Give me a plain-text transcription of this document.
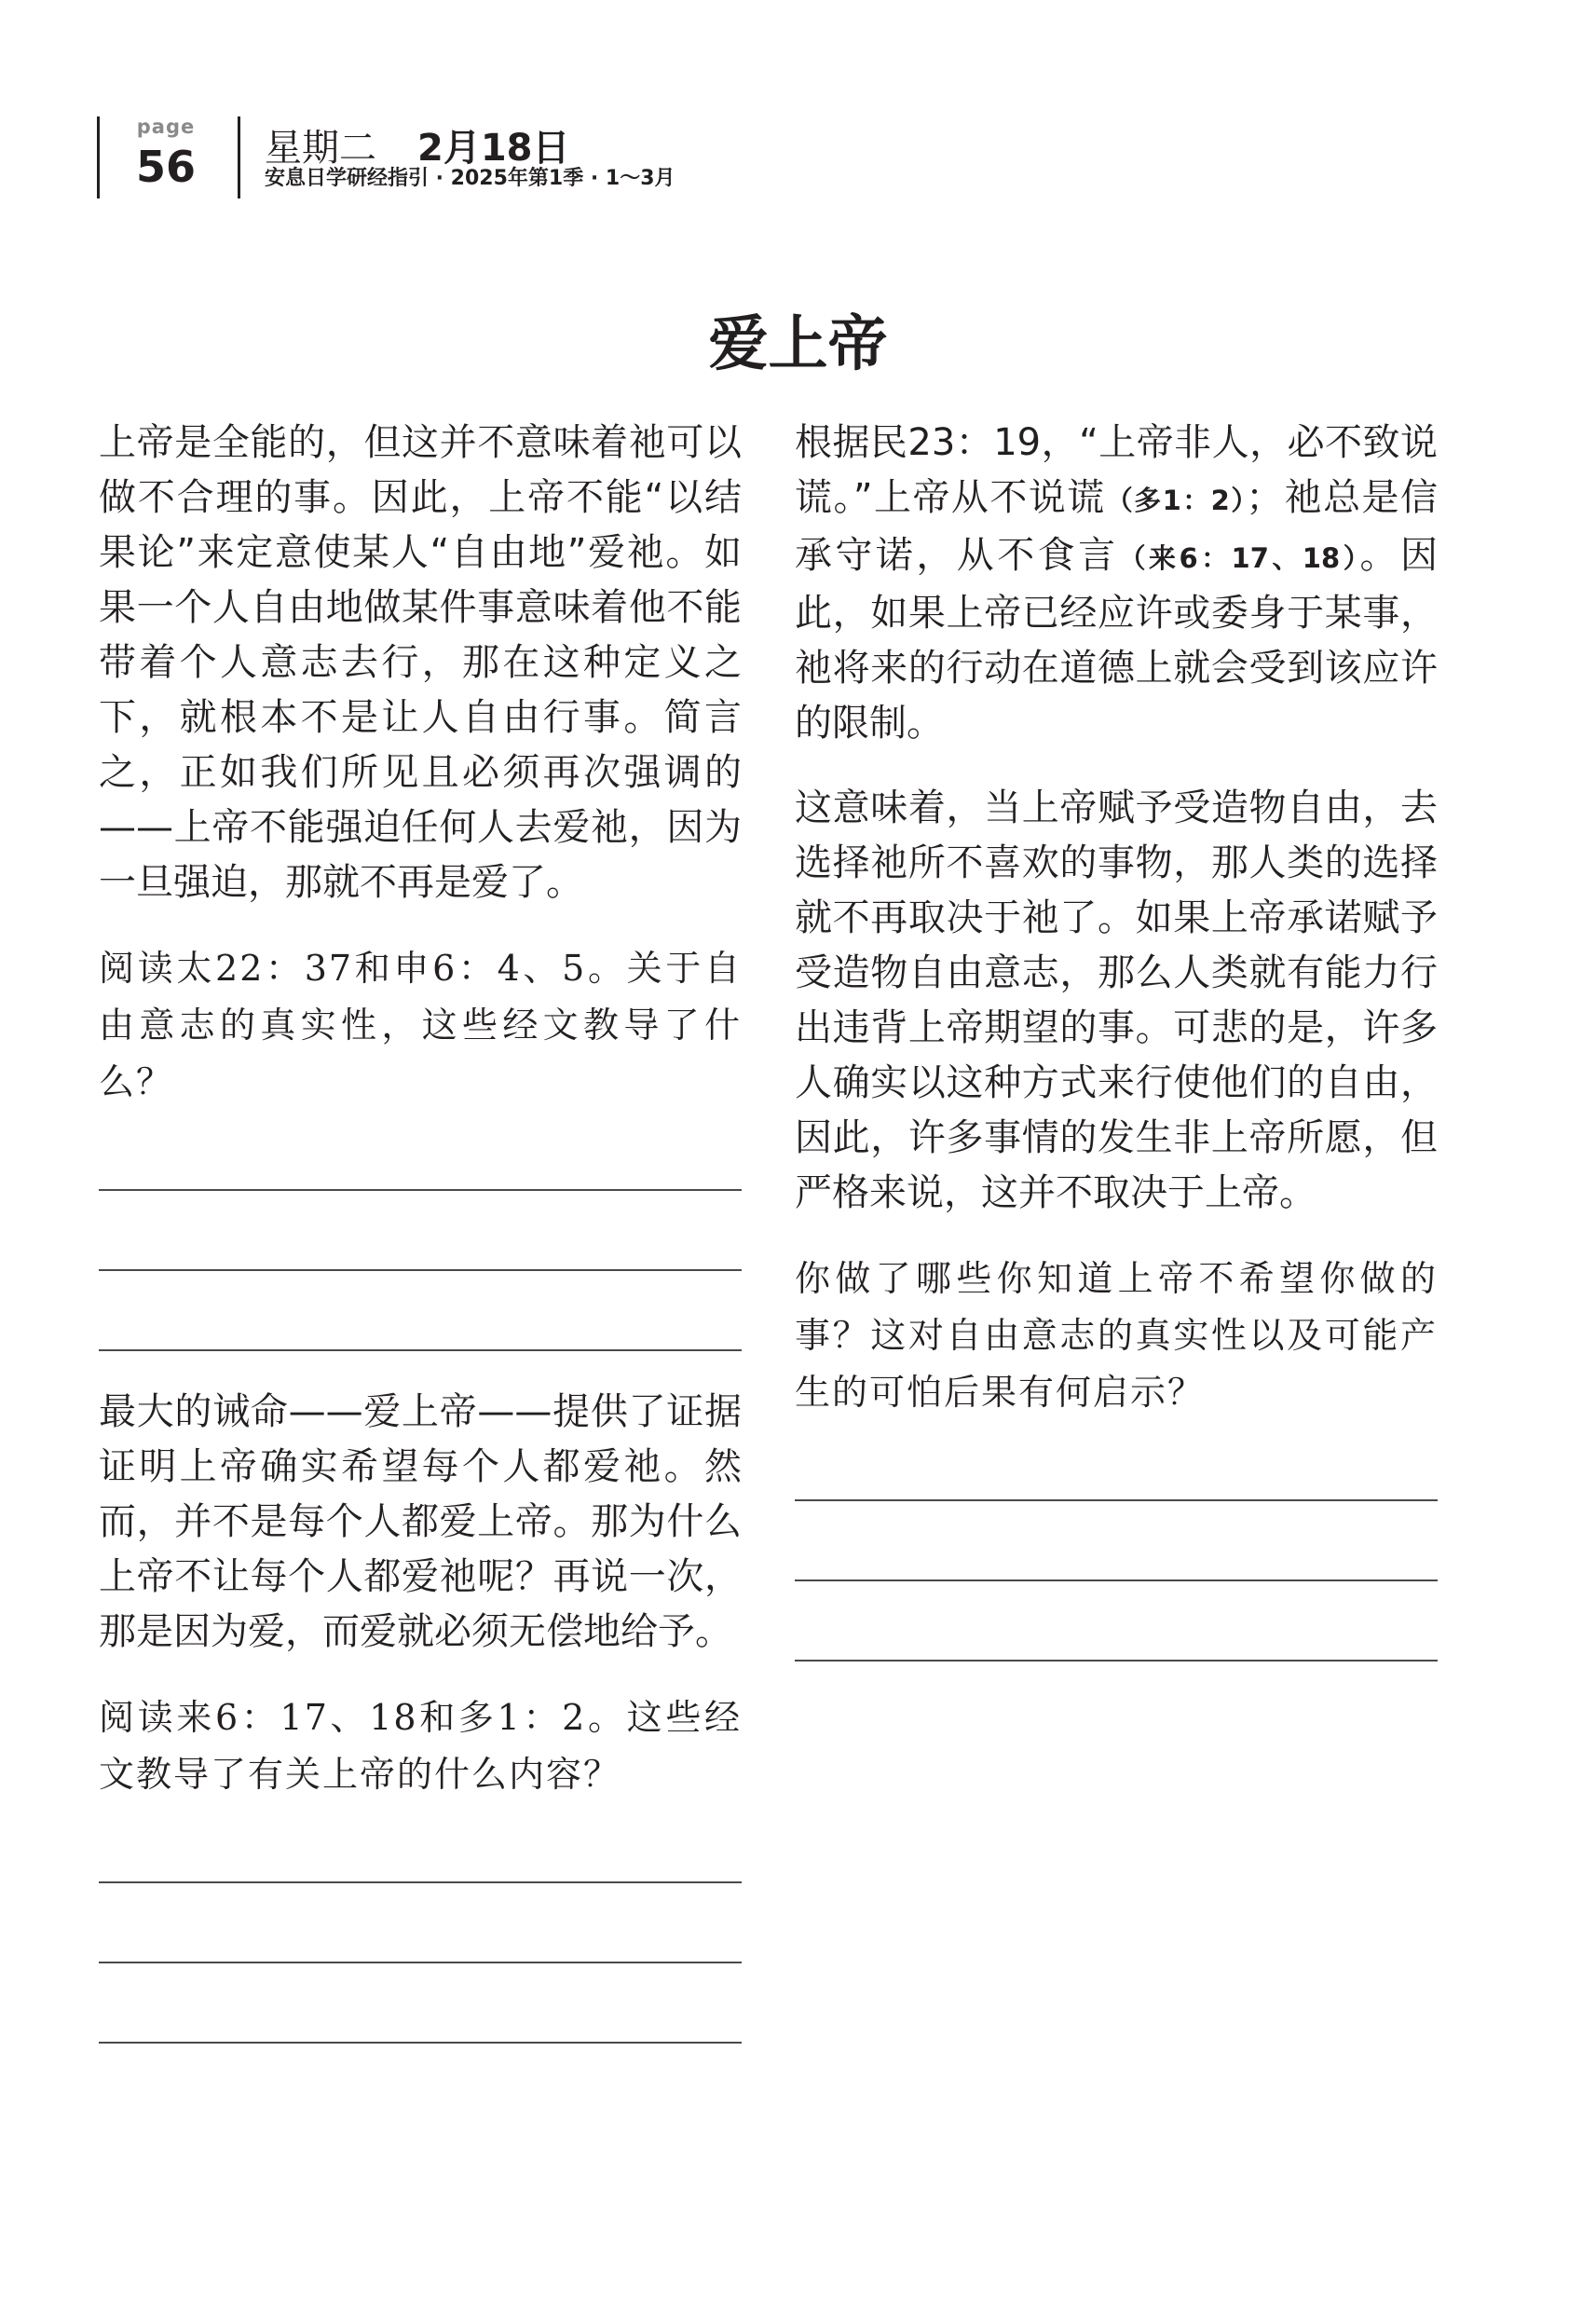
page
56	星期二 2月18日
安息日学研经指引 · 2025年第1季 · 1～3月
爱上帝

上帝是全能的，但这并不意味着祂可以做不合理的事。因此，上帝不能“以结果论”来定意使某人“自由地”爱祂。如果一个人自由地做某件事意味着他不能带着个人意志去行，那在这种定义之下，就根本不是让人自由行事。简言之，正如我们所见且必须再次强调的——上帝不能强迫任何人去爱祂，因为一旦强迫，那就不再是爱了。

阅读太22：37和申6：4、5。关于自由意志的真实性，这些经文教导了什么？

最大的诫命——爱上帝——提供了证据证明上帝确实希望每个人都爱祂。然而，并不是每个人都爱上帝。那为什么上帝不让每个人都爱祂呢？再说一次，那是因为爱，而爱就必须无偿地给予。

阅读来6：17、18和多1：2。这些经文教导了有关上帝的什么内容？

根据民23：19，“上帝非人，必不致说谎。”上帝从不说谎（多1：2）；祂总是信承守诺，从不食言（来6：17、18）。因此，如果上帝已经应许或委身于某事，祂将来的行动在道德上就会受到该应许的限制。

这意味着，当上帝赋予受造物自由，去选择祂所不喜欢的事物，那人类的选择就不再取决于祂了。如果上帝承诺赋予受造物自由意志，那么人类就有能力行出违背上帝期望的事。可悲的是，许多人确实以这种方式来行使他们的自由，因此，许多事情的发生非上帝所愿，但严格来说，这并不取决于上帝。

你做了哪些你知道上帝不希望你做的事？这对自由意志的真实性以及可能产生的可怕后果有何启示？
